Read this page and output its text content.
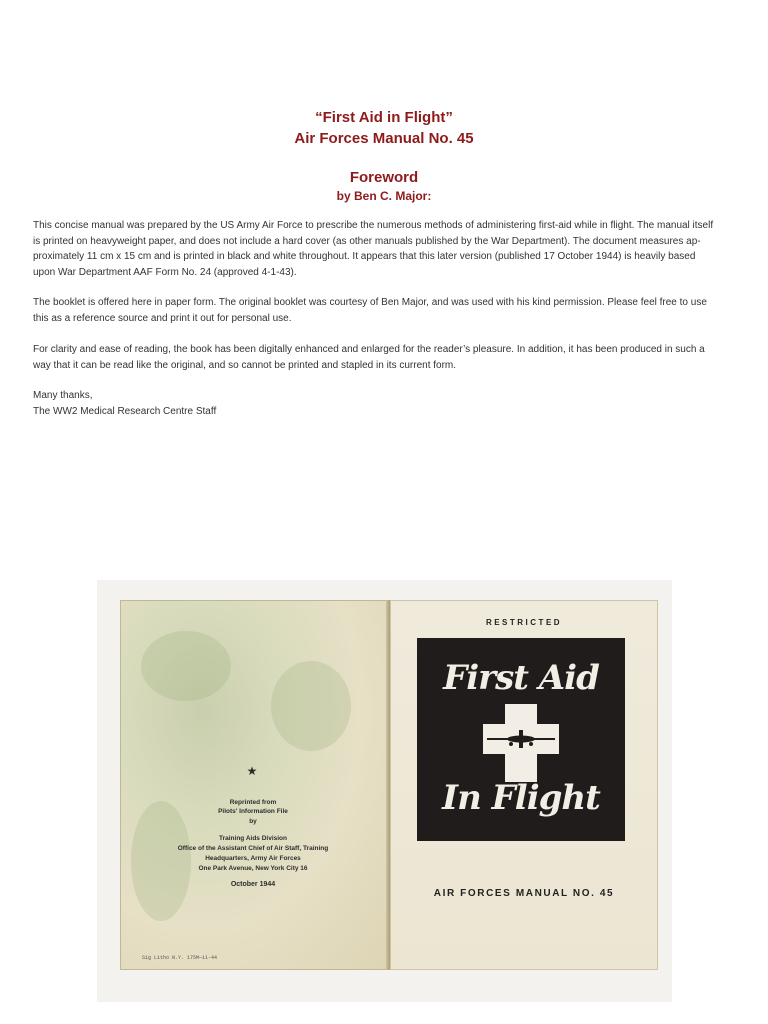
“First Aid in Flight”
Air Forces Manual No. 45
Foreword
by Ben C. Major:
This concise manual was prepared by the US Army Air Force to prescribe the numerous methods of administering first-aid while in flight. The manual itself
is printed on heavyweight paper, and does not include a hard cover (as other manuals published by the War Department). The document measures ap-
proximately 11 cm x 15 cm and is printed in black and white throughout. It appears that this later version (published 17 October 1944) is heavily based
upon War Department AAF Form No. 24 (approved 4-1-43).
The booklet is offered here in paper form. The original booklet was courtesy of Ben Major, and was used with his kind permission. Please feel free to use
this as a reference source and print it out for personal use.
For clarity and ease of reading, the book has been digitally enhanced and enlarged for the reader’s pleasure. In addition, it has been produced in such a
way that it can be read like the original, and so cannot be printed and stapled in its current form.
Many thanks,
The WW2 Medical Research Centre Staff
★
Reprinted from
Pilots' Information File
by
Training Aids Division
Office of the Assistant Chief of Air Staff, Training
Headquarters, Army Air Forces
One Park Avenue, New York City 16
October 1944
Sig Litho N.Y. 175M—11-44
RESTRICTED
First Aid
In Flight
AIR FORCES MANUAL NO. 45
